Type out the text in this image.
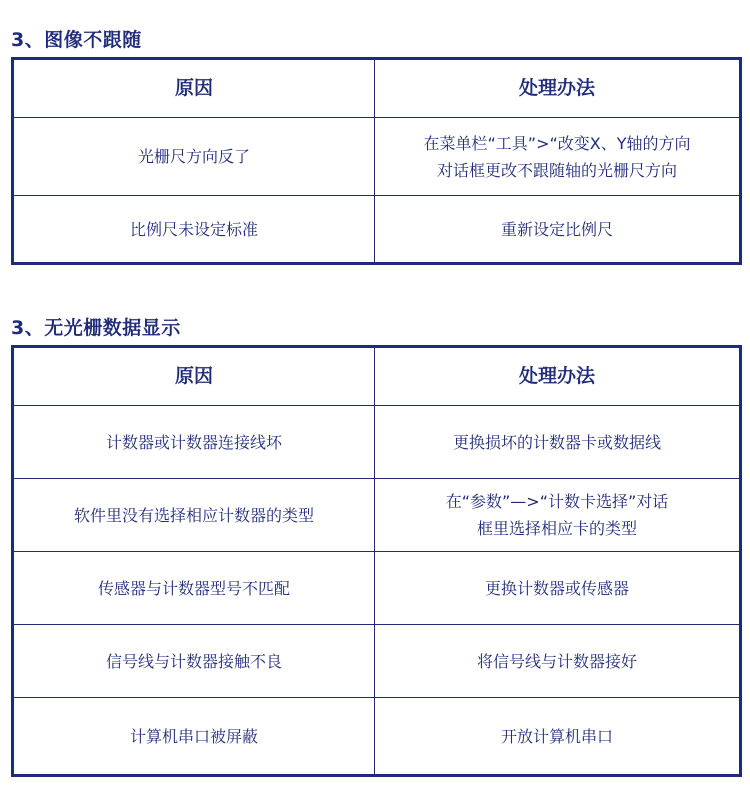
3、图像不跟随
原因	处理办法
光栅尺方向反了	在菜单栏“工具”>“改变X、Y轴的方向
对话框更改不跟随轴的光栅尺方向

比例尺未设定标准	重新设定比例尺
3、无光栅数据显示
原因	处理办法
计数器或计数器连接线坏	更换损坏的计数器卡或数据线
软件里没有选择相应计数器的类型	在“参数”—>“计数卡选择”对话
框里选择相应卡的类型

传感器与计数器型号不匹配	更换计数器或传感器
信号线与计数器接触不良	将信号线与计数器接好
计算机串口被屏蔽	开放计算机串口
